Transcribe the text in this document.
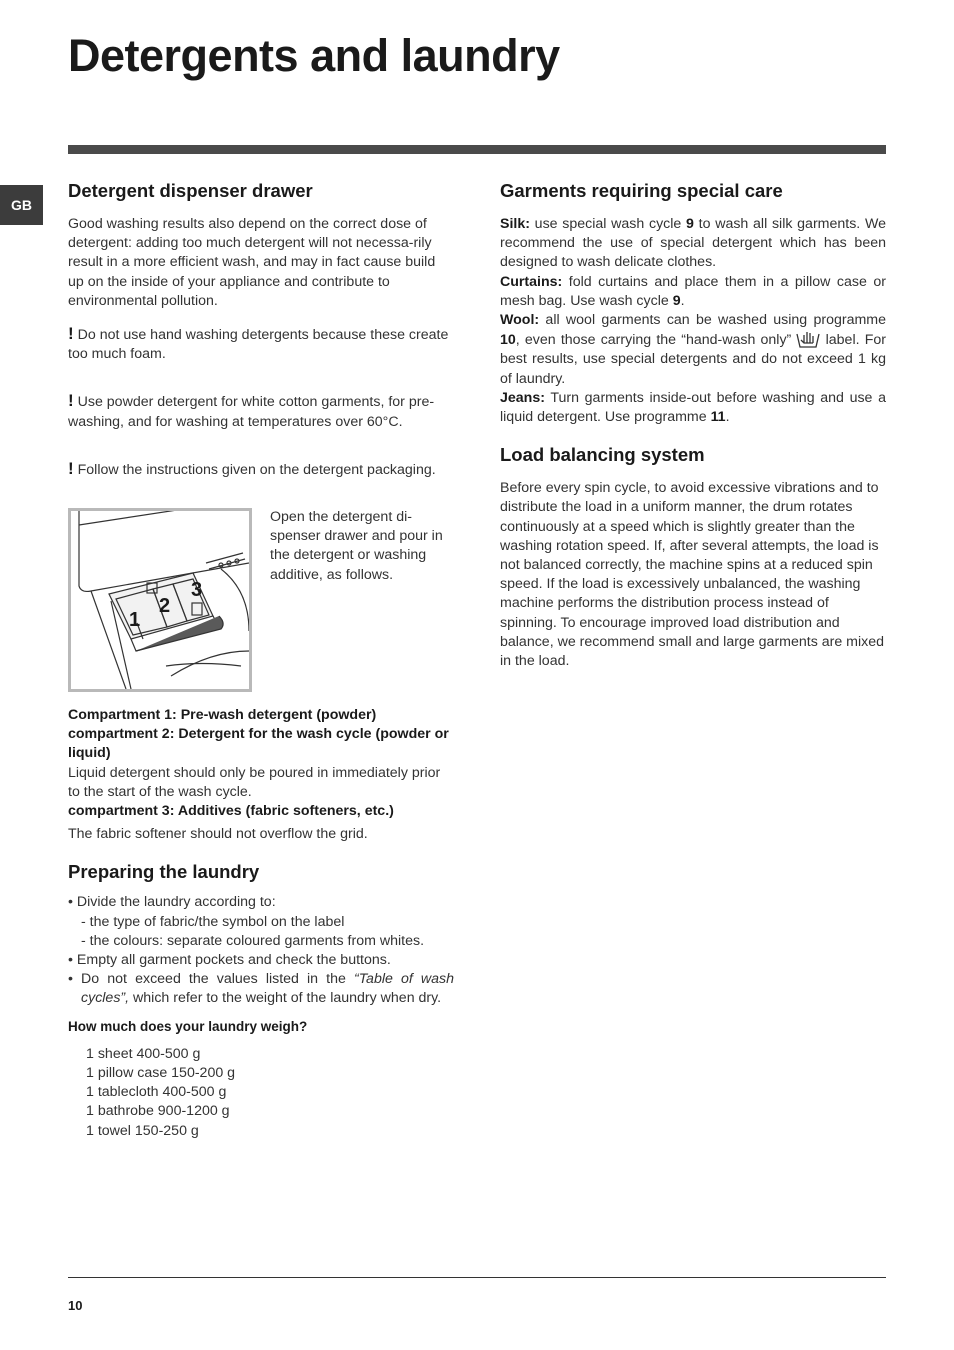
Detergents and laundry
GB
Detergent dispenser drawer

Good washing results also depend on the correct dose of detergent: adding too much detergent will not necessa-rily result in a more efficient wash, and may in fact cause build up on the inside of your appliance and contribute to environmental pollution.

! Do not use hand washing detergents because these create too much foam.

! Use powder detergent for white cotton garments, for pre-washing, and for washing at temperatures over 60°C.

! Follow the instructions given on the detergent packaging.

1
2
3

Open the detergent di-spenser drawer and pour in the detergent or washing additive, as follows.

Compartment 1: Pre-wash detergent (powder)

compartment 2: Detergent for the wash cycle (powder or liquid)

Liquid detergent should only be poured in immediately prior to the start of the wash cycle.

compartment 3: Additives (fabric softeners, etc.)

The fabric softener should not overflow the grid.

Preparing the laundry
• Divide the laundry according to:
- the type of fabric/the symbol on the label
- the colours: separate coloured garments from whites.
• Empty all garment pockets and check the buttons.
• Do not exceed the values listed in the “Table of wash cycles”, which refer to the weight of the laundry when dry.

How much does your laundry weigh?

1 sheet 400-500 g
1 pillow case 150-200 g
1 tablecloth 400-500 g
1 bathrobe 900-1200 g
1 towel 150-250 g
Garments requiring special care

Silk: use special wash cycle 9 to wash all silk garments. We recommend the use of special detergent which has been designed to wash delicate clothes.

Curtains: fold curtains and place them in a pillow case or mesh bag. Use wash cycle 9.

Wool: all wool garments can be washed using programme 10, even those carrying the “hand-wash only”  label. For best results, use special detergents and do not exceed 1 kg of laundry.

Jeans: Turn garments inside-out before washing and use a liquid detergent. Use programme 11.

Load balancing system

Before every spin cycle, to avoid excessive vibrations and to distribute the load in a uniform manner, the drum rotates continuously at a speed which is slightly greater than the washing rotation speed. If, after several attempts, the load is not balanced correctly, the machine spins at a reduced spin speed. If the load is excessively unbalanced, the washing machine performs the distribution process instead of spinning. To encourage improved load distribution and balance, we recommend small and large garments are mixed in the load.

10
